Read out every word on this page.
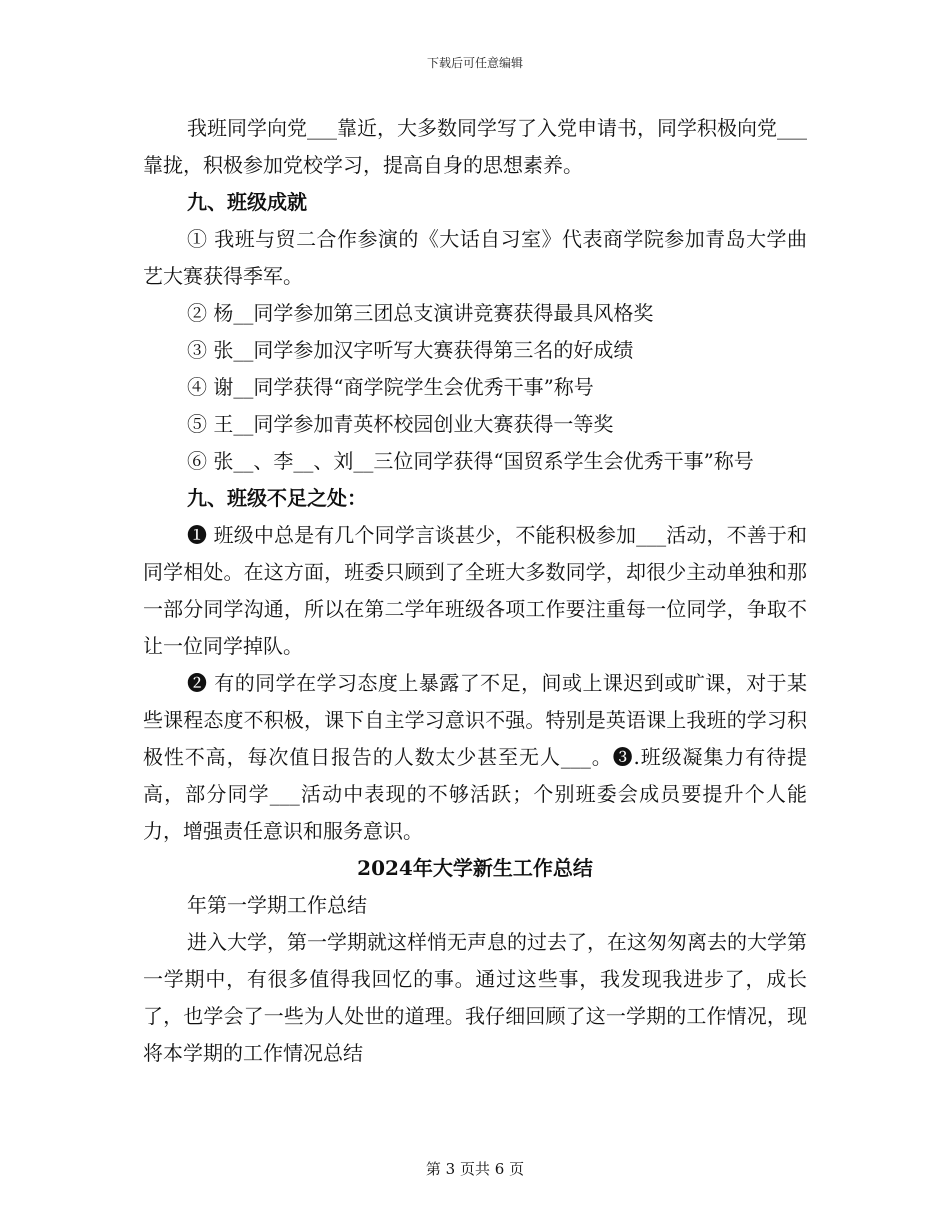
下载后可任意编辑

我班同学向党___靠近，大多数同学写了入党申请书，同学积极向党___靠拢，积极参加党校学习，提高自身的思想素养。

九、班级成就

① 我班与贸二合作参演的《大话自习室》代表商学院参加青岛大学曲艺大赛获得季军。

② 杨__同学参加第三团总支演讲竞赛获得最具风格奖

③ 张__同学参加汉字听写大赛获得第三名的好成绩

④ 谢__同学获得“商学院学生会优秀干事”称号

⑤ 王__同学参加青英杯校园创业大赛获得一等奖

⑥ 张__、李__、刘__三位同学获得“国贸系学生会优秀干事”称号

九、班级不足之处：

❶ 班级中总是有几个同学言谈甚少，不能积极参加___活动，不善于和同学相处。在这方面，班委只顾到了全班大多数同学，却很少主动单独和那一部分同学沟通，所以在第二学年班级各项工作要注重每一位同学，争取不让一位同学掉队。

❷ 有的同学在学习态度上暴露了不足，间或上课迟到或旷课，对于某些课程态度不积极，课下自主学习意识不强。特别是英语课上我班的学习积极性不高，每次值日报告的人数太少甚至无人___。❸.班级凝集力有待提高，部分同学___活动中表现的不够活跃；个别班委会成员要提升个人能力，增强责任意识和服务意识。

2024年大学新生工作总结

年第一学期工作总结

进入大学，第一学期就这样悄无声息的过去了，在这匆匆离去的大学第一学期中，有很多值得我回忆的事。通过这些事，我发现我进步了，成长了，也学会了一些为人处世的道理。我仔细回顾了这一学期的工作情况，现将本学期的工作情况总结

第 3 页共 6 页
